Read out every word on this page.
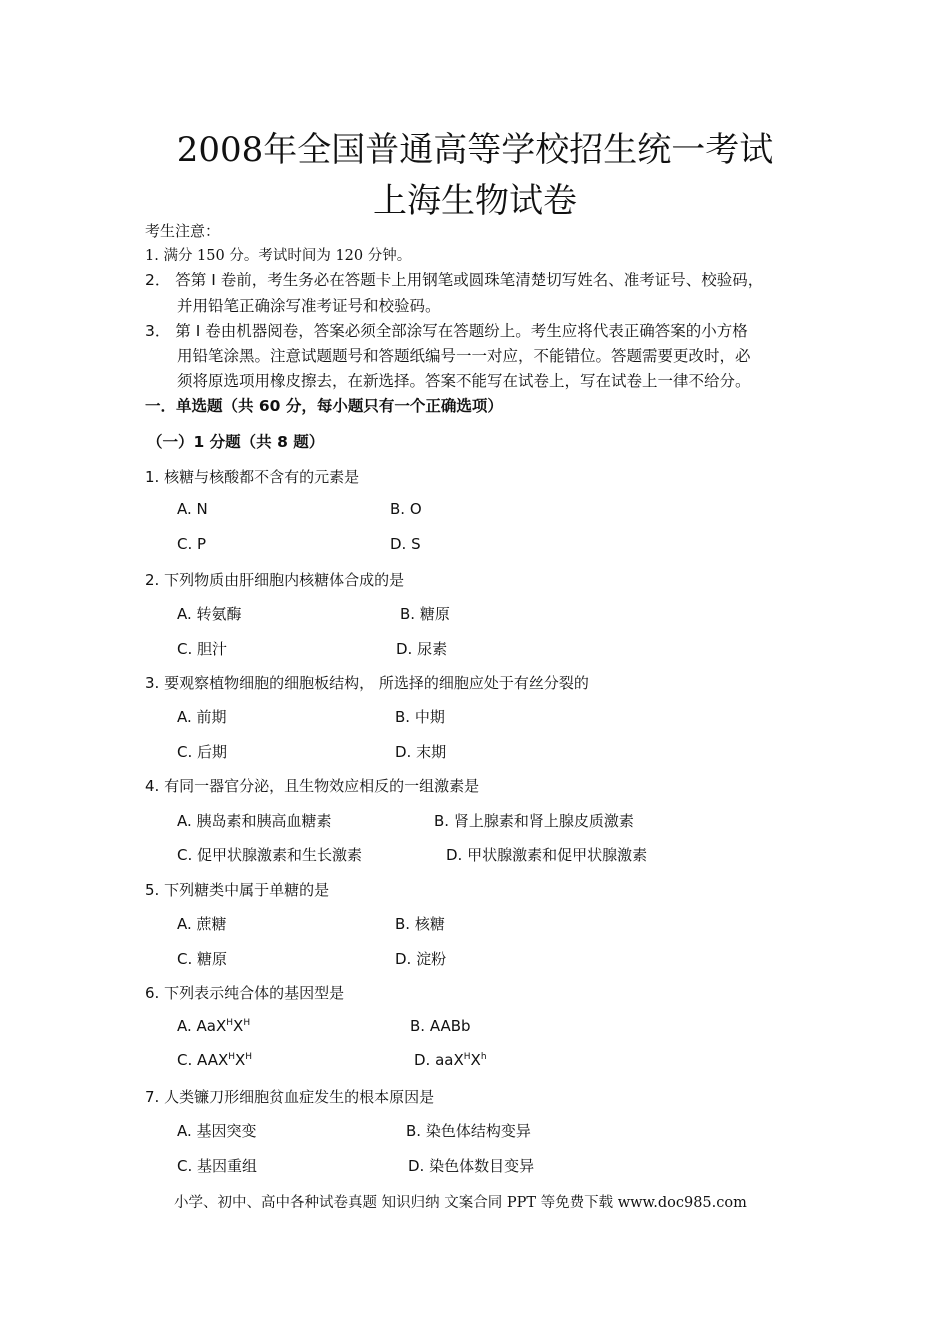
2008年全国普通高等学校招生统一考试
上海生物试卷
考生注意：
1. 满分 150 分。考试时间为 120 分钟。
2． 答第 I 卷前，考生务必在答题卡上用钢笔或圆珠笔清楚切写姓名、准考证号、校验码，
并用铅笔正确涂写准考证号和校验码。
3． 第 I 卷由机器阅卷，答案必须全部涂写在答题纷上。考生应将代表正确答案的小方格
用铅笔涂黑。注意试题题号和答题纸编号一一对应，不能错位。答题需要更改时，必
须将原选项用橡皮擦去，在新选择。答案不能写在试卷上，写在试卷上一律不给分。
一．单选题（共 60 分，每小题只有一个正确选项）
（一）1 分题（共 8 题）
1. 核糖与核酸都不含有的元素是
A. N	B. O
C. P	D. S
2. 下列物质由肝细胞内核糖体合成的是
A. 转氨酶	B. 糖原
C. 胆汁	D. 尿素
3. 要观察植物细胞的细胞板结构， 所选择的细胞应处于有丝分裂的
A. 前期	B. 中期
C. 后期	D. 末期
4. 有同一器官分泌，且生物效应相反的一组激素是
A. 胰岛素和胰高血糖素	B. 肾上腺素和肾上腺皮质激素
C. 促甲状腺激素和生长激素	D. 甲状腺激素和促甲状腺激素
5. 下列糖类中属于单糖的是
A. 蔗糖	B. 核糖
C. 糖原	D. 淀粉
6. 下列表示纯合体的基因型是
A. $AaX^HX^H$	B. AABb
C. $AAX^HX^H$	D. $aaX^HX^h$
7. 人类镰刀形细胞贫血症发生的根本原因是
A. 基因突变	B. 染色体结构变异
C. 基因重组	D. 染色体数目变异
小学、初中、高中各种试卷真题 知识归纳 文案合同 PPT 等免费下载 www.doc985.com
